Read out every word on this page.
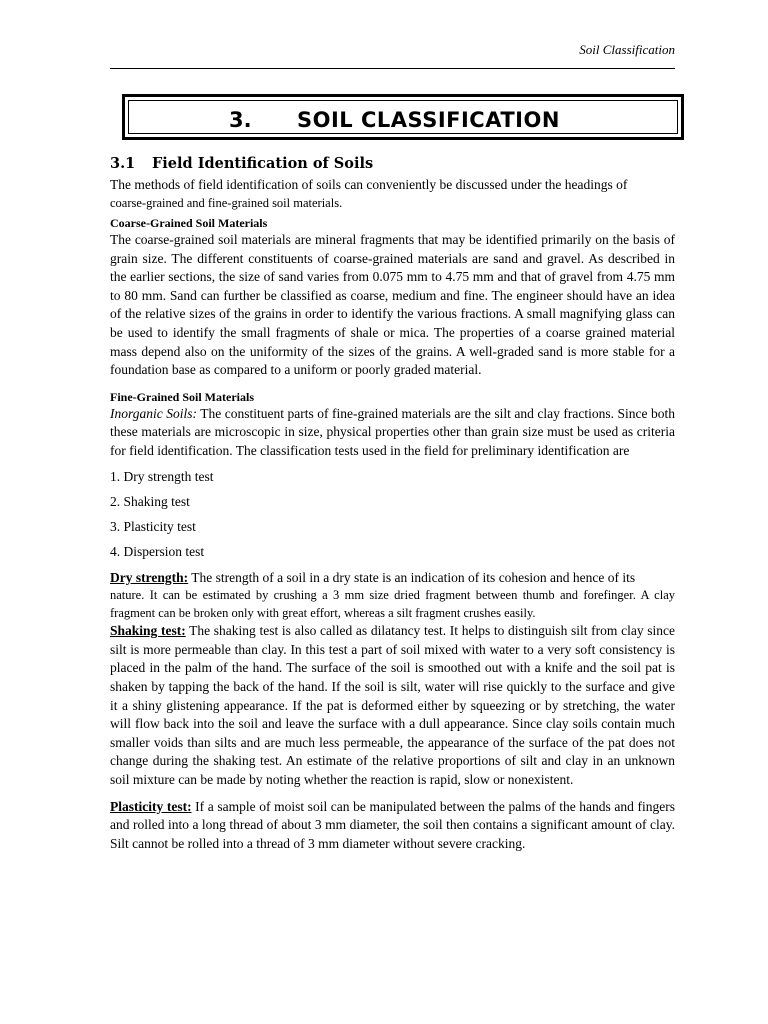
Soil Classification
3. SOIL CLASSIFICATION
3.1 Field Identification of Soils

The methods of field identification of soils can conveniently be discussed under the headings of

coarse-grained and fine-grained soil materials.

Coarse-Grained Soil Materials

The coarse-grained soil materials are mineral fragments that may be identified primarily on the basis of grain size. The different constituents of coarse-grained materials are sand and gravel. As described in the earlier sections, the size of sand varies from 0.075 mm to 4.75 mm and that of gravel from 4.75 mm to 80 mm. Sand can further be classified as coarse, medium and fine. The engineer should have an idea of the relative sizes of the grains in order to identify the various fractions. A small magnifying glass can be used to identify the small fragments of shale or mica. The properties of a coarse grained material mass depend also on the uniformity of the sizes of the grains. A well-graded sand is more stable for a foundation base as compared to a uniform or poorly graded material.

Fine-Grained Soil Materials

Inorganic Soils: The constituent parts of fine-grained materials are the silt and clay fractions. Since both these materials are microscopic in size, physical properties other than grain size must be used as criteria for field identification. The classification tests used in the field for preliminary identification are

1. Dry strength test
2. Shaking test
3. Plasticity test
4. Dispersion test

Dry strength: The strength of a soil in a dry state is an indication of its cohesion and hence of its

nature. It can be estimated by crushing a 3 mm size dried fragment between thumb and forefinger. A clay fragment can be broken only with great effort, whereas a silt fragment crushes easily.

Shaking test: The shaking test is also called as dilatancy test. It helps to distinguish silt from clay since silt is more permeable than clay. In this test a part of soil mixed with water to a very soft consistency is placed in the palm of the hand. The surface of the soil is smoothed out with a knife and the soil pat is shaken by tapping the back of the hand. If the soil is silt, water will rise quickly to the surface and give it a shiny glistening appearance. If the pat is deformed either by squeezing or by stretching, the water will flow back into the soil and leave the surface with a dull appearance. Since clay soils contain much smaller voids than silts and are much less permeable, the appearance of the surface of the pat does not change during the shaking test. An estimate of the relative proportions of silt and clay in an unknown soil mixture can be made by noting whether the reaction is rapid, slow or nonexistent.

Plasticity test: If a sample of moist soil can be manipulated between the palms of the hands and fingers and rolled into a long thread of about 3 mm diameter, the soil then contains a significant amount of clay. Silt cannot be rolled into a thread of 3 mm diameter without severe cracking.
